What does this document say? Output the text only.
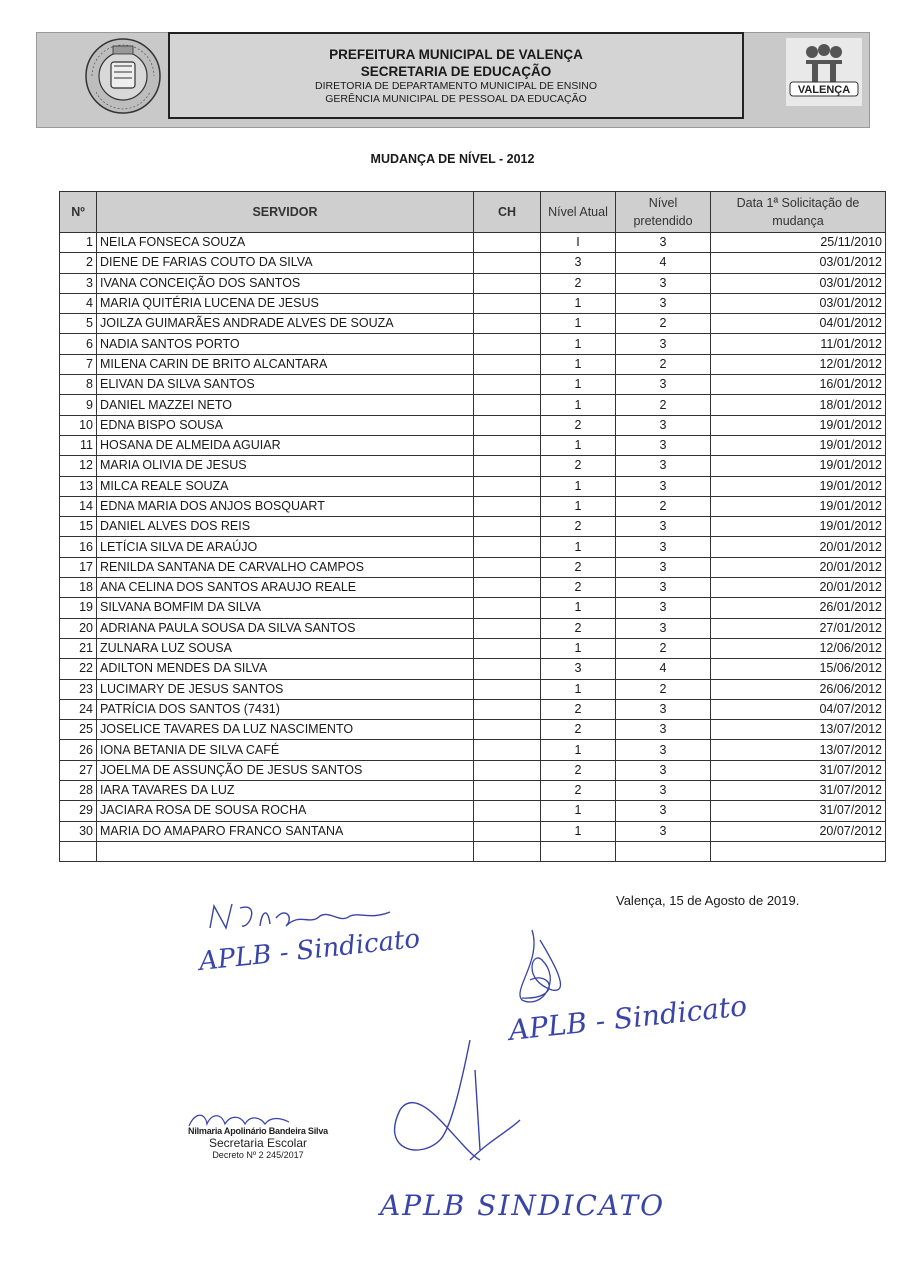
PREFEITURA MUNICIPAL DE VALENÇA
SECRETARIA DE EDUCAÇÃO
DIRETORIA DE DEPARTAMENTO MUNICIPAL DE ENSINO
GERÊNCIA MUNICIPAL DE PESSOAL DA EDUCAÇÃO
VALENÇA
MUDANÇA DE NÍVEL - 2012
Nº	SERVIDOR	CH	Nível Atual	Nível pretendido	Data 1ª Solicitação de mudança
1	NEILA FONSECA SOUZA		I	3	25/11/2010
2	DIENE DE FARIAS COUTO DA SILVA		3	4	03/01/2012
3	IVANA CONCEIÇÃO DOS SANTOS		2	3	03/01/2012
4	MARIA QUITÉRIA LUCENA DE JESUS		1	3	03/01/2012
5	JOILZA GUIMARÃES ANDRADE ALVES DE SOUZA		1	2	04/01/2012
6	NADIA SANTOS PORTO		1	3	11/01/2012
7	MILENA CARIN DE BRITO ALCANTARA		1	2	12/01/2012
8	ELIVAN DA SILVA SANTOS		1	3	16/01/2012
9	DANIEL MAZZEI NETO		1	2	18/01/2012
10	EDNA BISPO SOUSA		2	3	19/01/2012
11	HOSANA DE ALMEIDA AGUIAR		1	3	19/01/2012
12	MARIA OLIVIA DE JESUS		2	3	19/01/2012
13	MILCA REALE SOUZA		1	3	19/01/2012
14	EDNA MARIA DOS ANJOS BOSQUART		1	2	19/01/2012
15	DANIEL ALVES DOS REIS		2	3	19/01/2012
16	LETÍCIA SILVA DE ARAÚJO		1	3	20/01/2012
17	RENILDA SANTANA DE CARVALHO CAMPOS		2	3	20/01/2012
18	ANA CELINA DOS SANTOS ARAUJO REALE		2	3	20/01/2012
19	SILVANA BOMFIM DA SILVA		1	3	26/01/2012
20	ADRIANA PAULA SOUSA DA SILVA SANTOS		2	3	27/01/2012
21	ZULNARA LUZ SOUSA		1	2	12/06/2012
22	ADILTON MENDES DA SILVA		3	4	15/06/2012
23	LUCIMARY DE JESUS SANTOS		1	2	26/06/2012
24	PATRÍCIA DOS SANTOS (7431)		2	3	04/07/2012
25	JOSELICE TAVARES DA LUZ NASCIMENTO		2	3	13/07/2012
26	IONA BETANIA DE SILVA CAFÉ		1	3	13/07/2012
27	JOELMA DE ASSUNÇÃO DE JESUS SANTOS		2	3	31/07/2012
28	IARA TAVARES DA LUZ		2	3	31/07/2012
29	JACIARA ROSA DE SOUSA ROCHA		1	3	31/07/2012
30	MARIA DO AMAPARO FRANCO SANTANA		1	3	20/07/2012

Valença, 15 de Agosto de 2019.
APLB - Sindicato
APLB - Sindicato
APLB SINDICATO
Nilmaria Apolinário Bandeira Silva
Secretaria Escolar
Decreto Nº 2 245/2017
